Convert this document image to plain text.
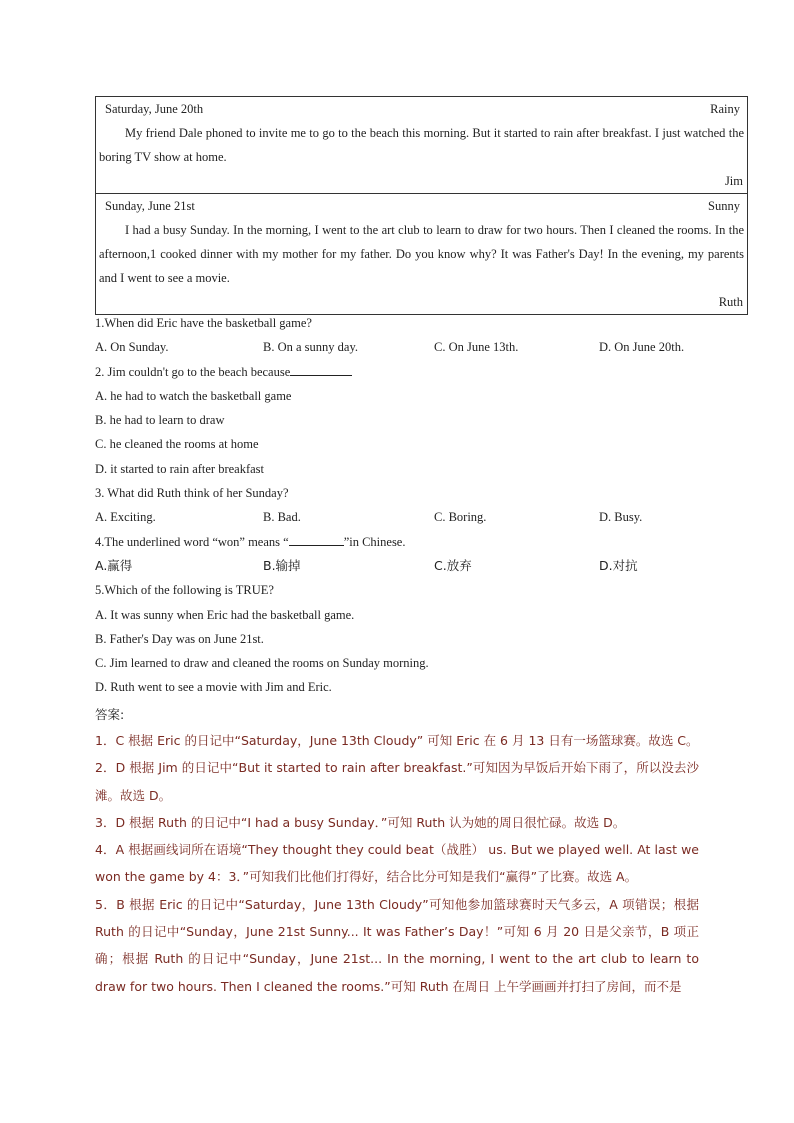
Saturday, June 20th	Rainy
My friend Dale phoned to invite me to go to the beach this morning. But it started to rain after breakfast. I just watched the boring TV show at home.
Jim
Sunday, June 21st	Sunny
I had a busy Sunday. In the morning, I went to the art club to learn to draw for two hours. Then I cleaned the rooms. In the afternoon,1 cooked dinner with my mother for my father. Do you know why? It was Father's Day! In the evening, my parents and I went to see a movie.
Ruth
1.When did Eric have the basketball game?
A. On Sunday.	B. On a sunny day.	C. On June 13th.	D. On June 20th.
2. Jim couldn't go to the beach because
A. he had to watch the basketball game
B. he had to learn to draw
C. he cleaned the rooms at home
D. it started to rain after breakfast
3. What did Ruth think of her Sunday?
A. Exciting.	B. Bad.	C. Boring.	D. Busy.
4.The underlined word “won” means “	”in Chinese.
A.赢得	B.输掉	C.放弃	D.对抗
5.Which of the following is TRUE?
A. It was sunny when Eric had the basketball game.
B. Father's Day was on June 21st.
C. Jim learned to draw and cleaned the rooms on Sunday morning.
D. Ruth went to see a movie with Jim and Eric.
答案:
1．C 根据 Eric 的日记中“Saturday，June 13th Cloudy” 可知 Eric 在 6 月 13 日有一场篮球赛。故选 C。
2．D 根据 Jim 的日记中“But it started to rain after breakfast.”可知因为早饭后开始下雨了，所以没去沙滩。故选 D。
3．D 根据 Ruth 的日记中“I had a busy Sunday．”可知 Ruth 认为她的周日很忙碌。故选 D。
4．A 根据画线词所在语境“They thought they could beat（战胜） us. But we played well. At last we won the game by 4：3．”可知我们比他们打得好，结合比分可知是我们“赢得”了比赛。故选 A。
5．B 根据 Eric 的日记中“Saturday，June 13th Cloudy”可知他参加篮球赛时天气多云，A 项错误；根据 Ruth 的日记中“Sunday，June 21st Sunny... It was Father’s Day！”可知 6 月 20 日是父亲节，B 项正确；根据 Ruth 的日记中“Sunday，June 21st... In the morning, I went to the art club to learn to draw for two hours. Then I cleaned the rooms.”可知 Ruth 在周日 上午学画画并打扫了房间，而不是
